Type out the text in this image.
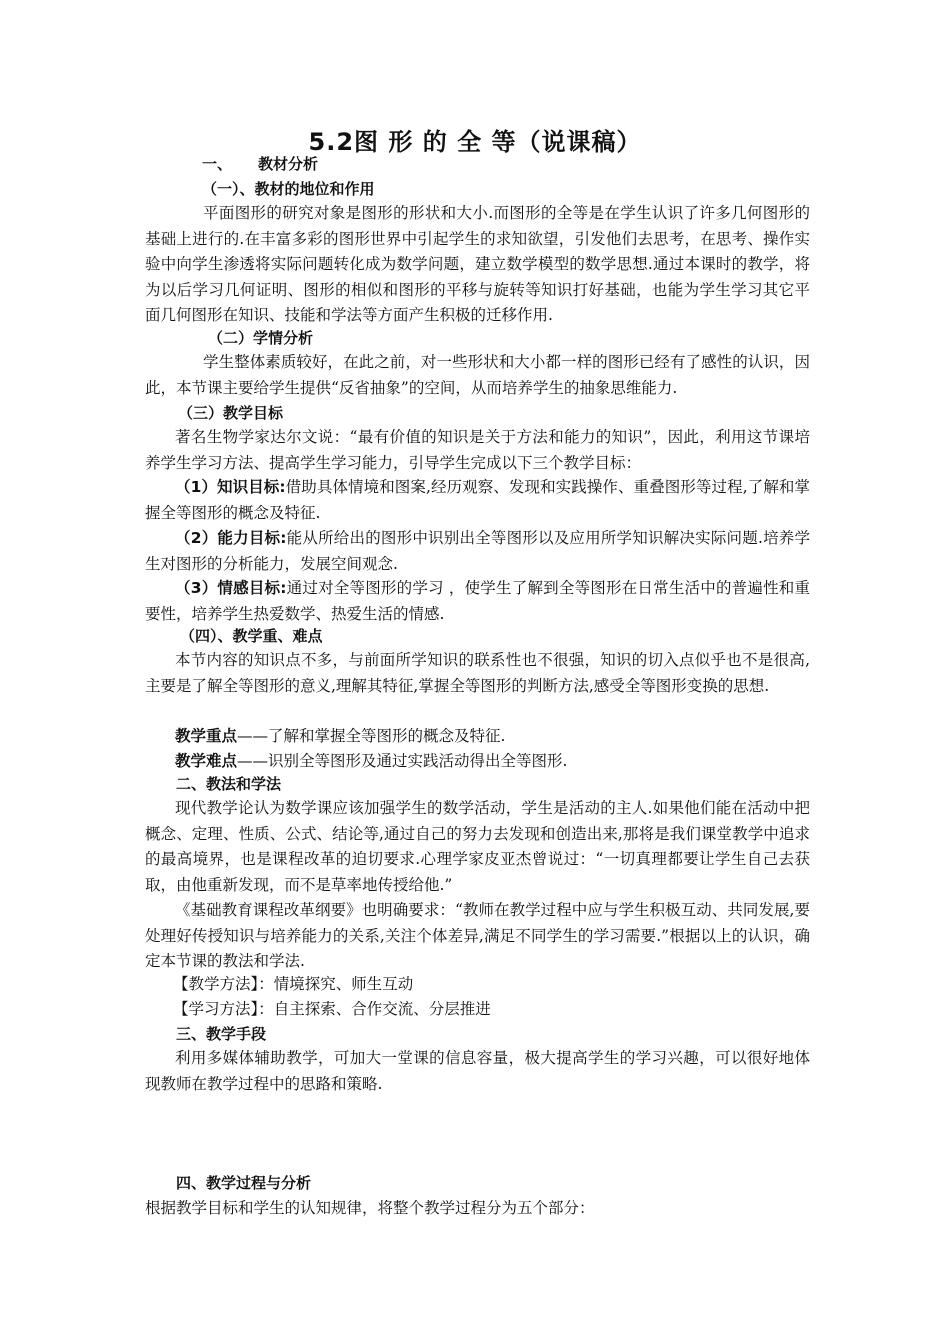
5.2图 形 的 全 等（说课稿）
一、 教材分析
（一）、教材的地位和作用

平面图形的研究对象是图形的形状和大小.而图形的全等是在学生认识了许多几何图形的基础上进行的.在丰富多彩的图形世界中引起学生的求知欲望，引发他们去思考，在思考、操作实验中向学生渗透将实际问题转化成为数学问题，建立数学模型的数学思想.通过本课时的教学，将为以后学习几何证明、图形的相似和图形的平移与旋转等知识打好基础，也能为学生学习其它平面几何图形在知识、技能和学法等方面产生积极的迁移作用.

（二）学情分析

学生整体素质较好，在此之前，对一些形状和大小都一样的图形已经有了感性的认识，因此，本节课主要给学生提供“反省抽象”的空间，从而培养学生的抽象思维能力.

（三）教学目标

著名生物学家达尔文说：“最有价值的知识是关于方法和能力的知识”，因此，利用这节课培养学生学习方法、提高学生学习能力，引导学生完成以下三个教学目标：

（1）知识目标:借助具体情境和图案,经历观察、发现和实践操作、重叠图形等过程,了解和掌握全等图形的概念及特征.

（2）能力目标:能从所给出的图形中识别出全等图形以及应用所学知识解决实际问题.培养学生对图形的分析能力，发展空间观念.

（3）情感目标:通过对全等图形的学习 ，使学生了解到全等图形在日常生活中的普遍性和重要性，培养学生热爱数学、热爱生活的情感.

（四）、教学重、难点

本节内容的知识点不多，与前面所学知识的联系性也不很强，知识的切入点似乎也不是很高,主要是了解全等图形的意义,理解其特征,掌握全等图形的判断方法,感受全等图形变换的思想.

教学重点——了解和掌握全等图形的概念及特征.

教学难点——识别全等图形及通过实践活动得出全等图形.

二、教法和学法

现代教学论认为数学课应该加强学生的数学活动，学生是活动的主人.如果他们能在活动中把概念、定理、性质、公式、结论等,通过自己的努力去发现和创造出来,那将是我们课堂教学中追求的最高境界，也是课程改革的迫切要求.心理学家皮亚杰曾说过：“一切真理都要让学生自己去获取，由他重新发现，而不是草率地传授给他.”

《基础教育课程改革纲要》也明确要求：“教师在教学过程中应与学生积极互动、共同发展,要处理好传授知识与培养能力的关系,关注个体差异,满足不同学生的学习需要.”根据以上的认识，确定本节课的教法和学法.

【教学方法】：情境探究、师生互动
【学习方法】：自主探索、合作交流、分层推进
三、教学手段

利用多媒体辅助教学，可加大一堂课的信息容量，极大提高学生的学习兴趣，可以很好地体现教师在教学过程中的思路和策略.

四、教学过程与分析
根据教学目标和学生的认知规律，将整个教学过程分为五个部分：
